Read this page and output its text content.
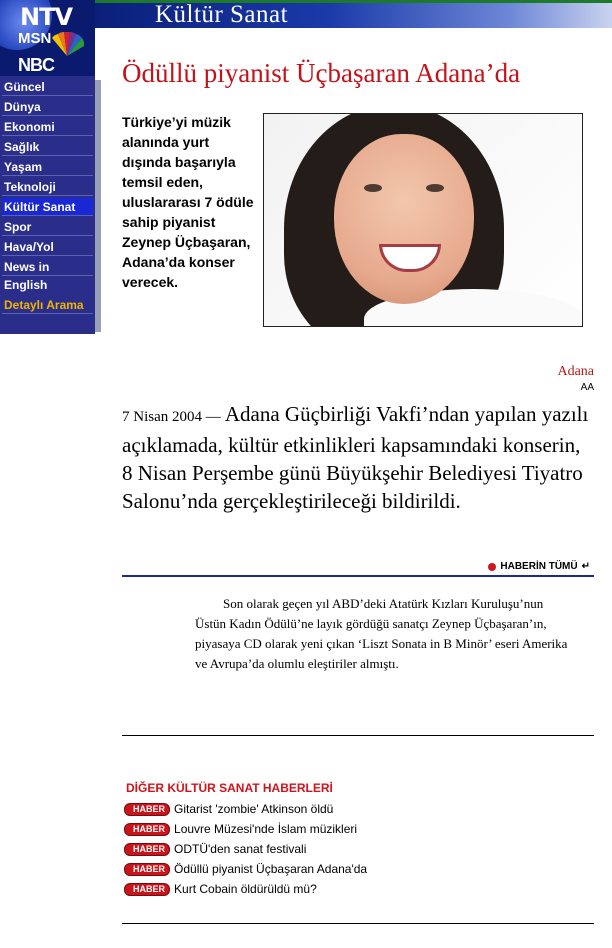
Kültür Sanat
NTV
MSN
NBC
Güncel
Dünya
Ekonomi
Sağlık
Yaşam
Teknoloji
Kültür Sanat
Spor
Hava/Yol
News in English
Detaylı Arama
Ödüllü piyanist Üçbaşaran Adana’da
Türkiye’yi müzik alanında yurt dışında başarıyla temsil eden, uluslararası 7 ödüle sahip piyanist Zeynep Üçbaşaran, Adana’da konser verecek.
Adana
AA
7 Nisan 2004 — Adana Güçbirliği Vakfi’ndan yapılan yazılı açıklamada, kültür etkinlikleri kapsamındaki konserin, 8 Nisan Perşembe günü Büyükşehir Belediyesi Tiyatro Salonu’nda gerçekleştirileceği bildirildi.
HABERİN TÜMÜ ↵
Son olarak geçen yıl ABD’deki Atatürk Kızları Kuruluşu’nun Üstün Kadın Ödülü’ne layık gördüğü sanatçı Zeynep Üçbaşaran’ın, piyasaya CD olarak yeni çıkan ‘Liszt Sonata in B Minör’ eseri Amerika ve Avrupa’da olumlu eleştiriler almıştı.
DİĞER KÜLTÜR SANAT HABERLERİ
HABER Gitarist 'zombie' Atkinson öldü
HABER Louvre Müzesi'nde İslam müzikleri
HABER ODTÜ'den sanat festivali
HABER Ödüllü piyanist Üçbaşaran Adana'da
HABER Kurt Cobain öldürüldü mü?
